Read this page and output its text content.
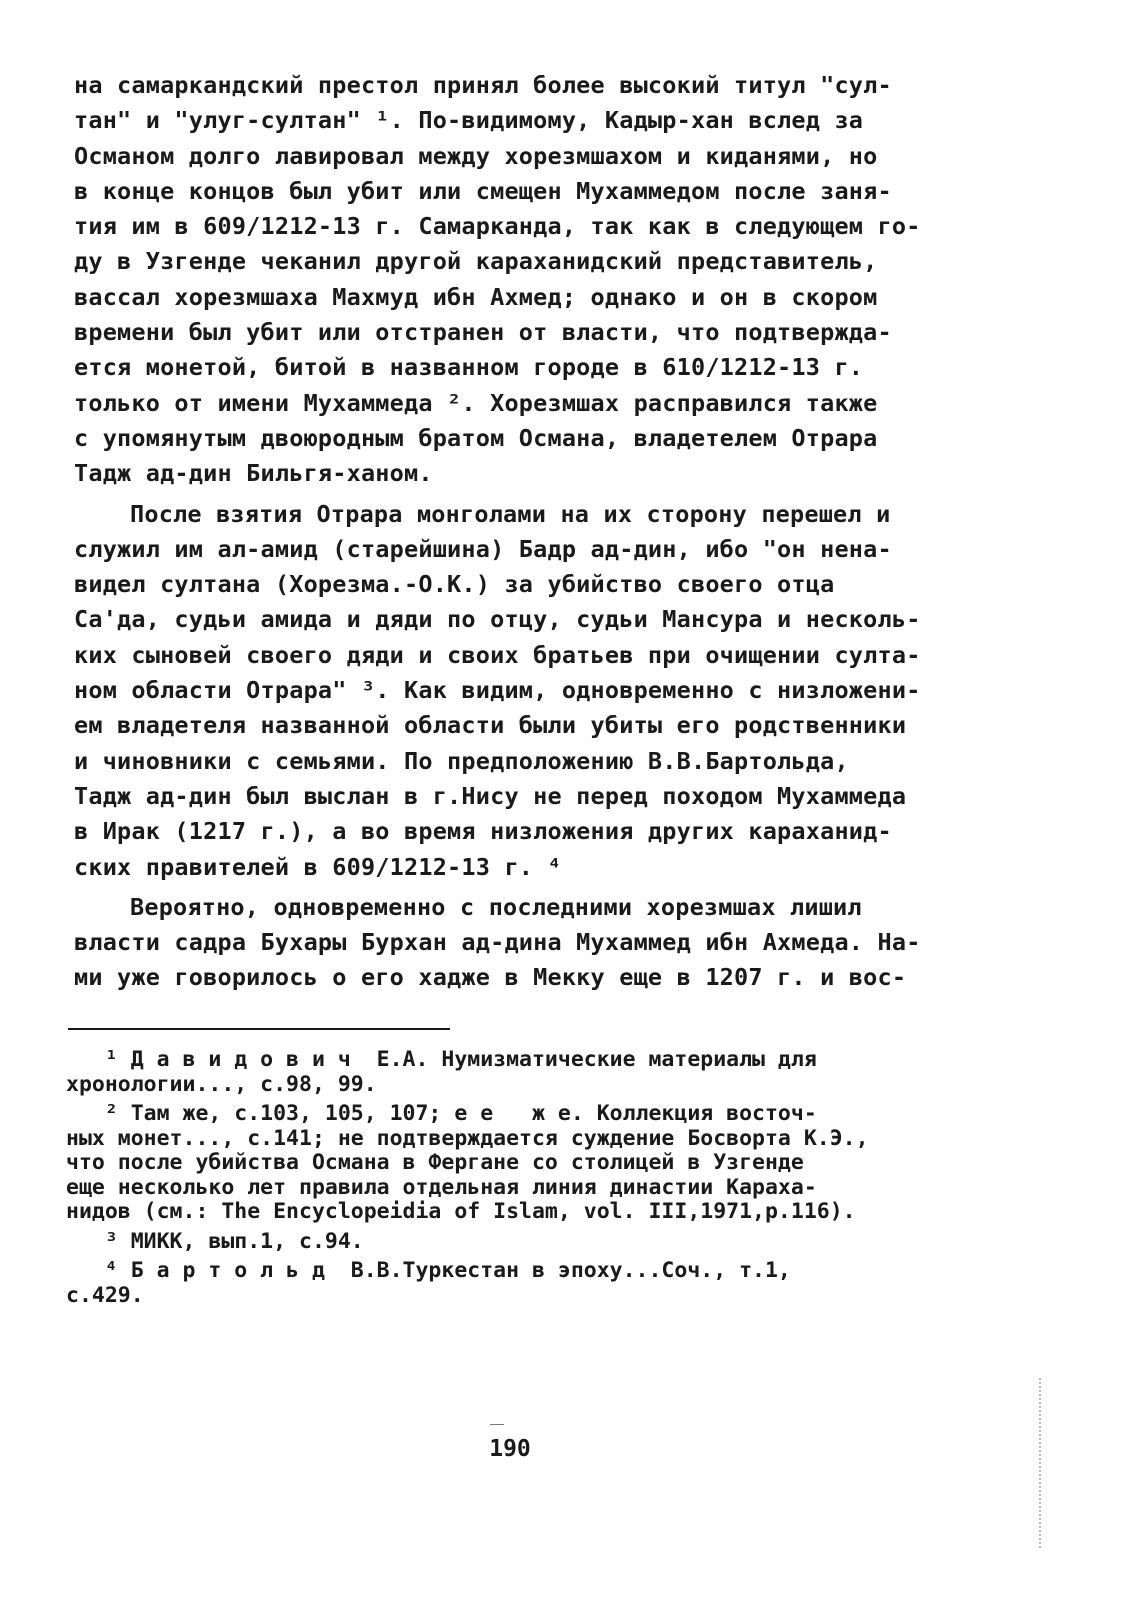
на самаркандский престол принял более высокий титул "сул-
тан" и "улуг-султан" ¹. По-видимому, Кадыр-хан вслед за
Османом долго лавировал между хорезмшахом и киданями, но
в конце концов был убит или смещен Мухаммедом после заня-
тия им в 609/1212-13 г. Самарканда, так как в следующем го-
ду в Узгенде чеканил другой караханидский представитель,
вассал хорезмшаха Махмуд ибн Ахмед; однако и он в скором
времени был убит или отстранен от власти, что подтвержда-
ется монетой, битой в названном городе в 610/1212-13 г.
только от имени Мухаммеда ². Хорезмшах расправился также
с упомянутым двоюродным братом Османа, владетелем Отрара
Тадж ад-дин Бильгя-ханом.
После взятия Отрара монголами на их сторону перешел и
служил им ал-амид (старейшина) Бадр ад-дин, ибо "он нена-
видел султана (Хорезма.-О.К.) за убийство своего отца
Са'да, судьи амида и дяди по отцу, судьи Мансура и несколь-
ких сыновей своего дяди и своих братьев при очищении султа-
ном области Отрара" ³. Как видим, одновременно с низложени-
ем владетеля названной области были убиты его родственники
и чиновники с семьями. По предположению В.В.Бартольда,
Тадж ад-дин был выслан в г.Нису не перед походом Мухаммеда
в Ирак (1217 г.), а во время низложения других караханид-
ских правителей в 609/1212-13 г. ⁴
Вероятно, одновременно с последними хорезмшах лишил
власти садра Бухары Бурхан ад-дина Мухаммед ибн Ахмеда. На-
ми уже говорилось о его хадже в Мекку еще в 1207 г. и вос-
¹ Д а в и д о в и ч  Е.А. Нумизматические материалы для
хронологии..., с.98, 99.
² Там же, с.103, 105, 107; е е   ж е. Коллекция восточ-
ных монет..., с.141; не подтверждается суждение Босворта К.Э.,
что после убийства Османа в Фергане со столицей в Узгенде
еще несколько лет правила отдельная линия династии Караха-
нидов (см.: The Encyclopeidia of Islam, vol. III,1971,p.116).
³ МИКК, вып.1, с.94.
⁴ Б а р т о л ь д  В.В.Туркестан в эпоху...Соч., т.1,
с.429.
190
